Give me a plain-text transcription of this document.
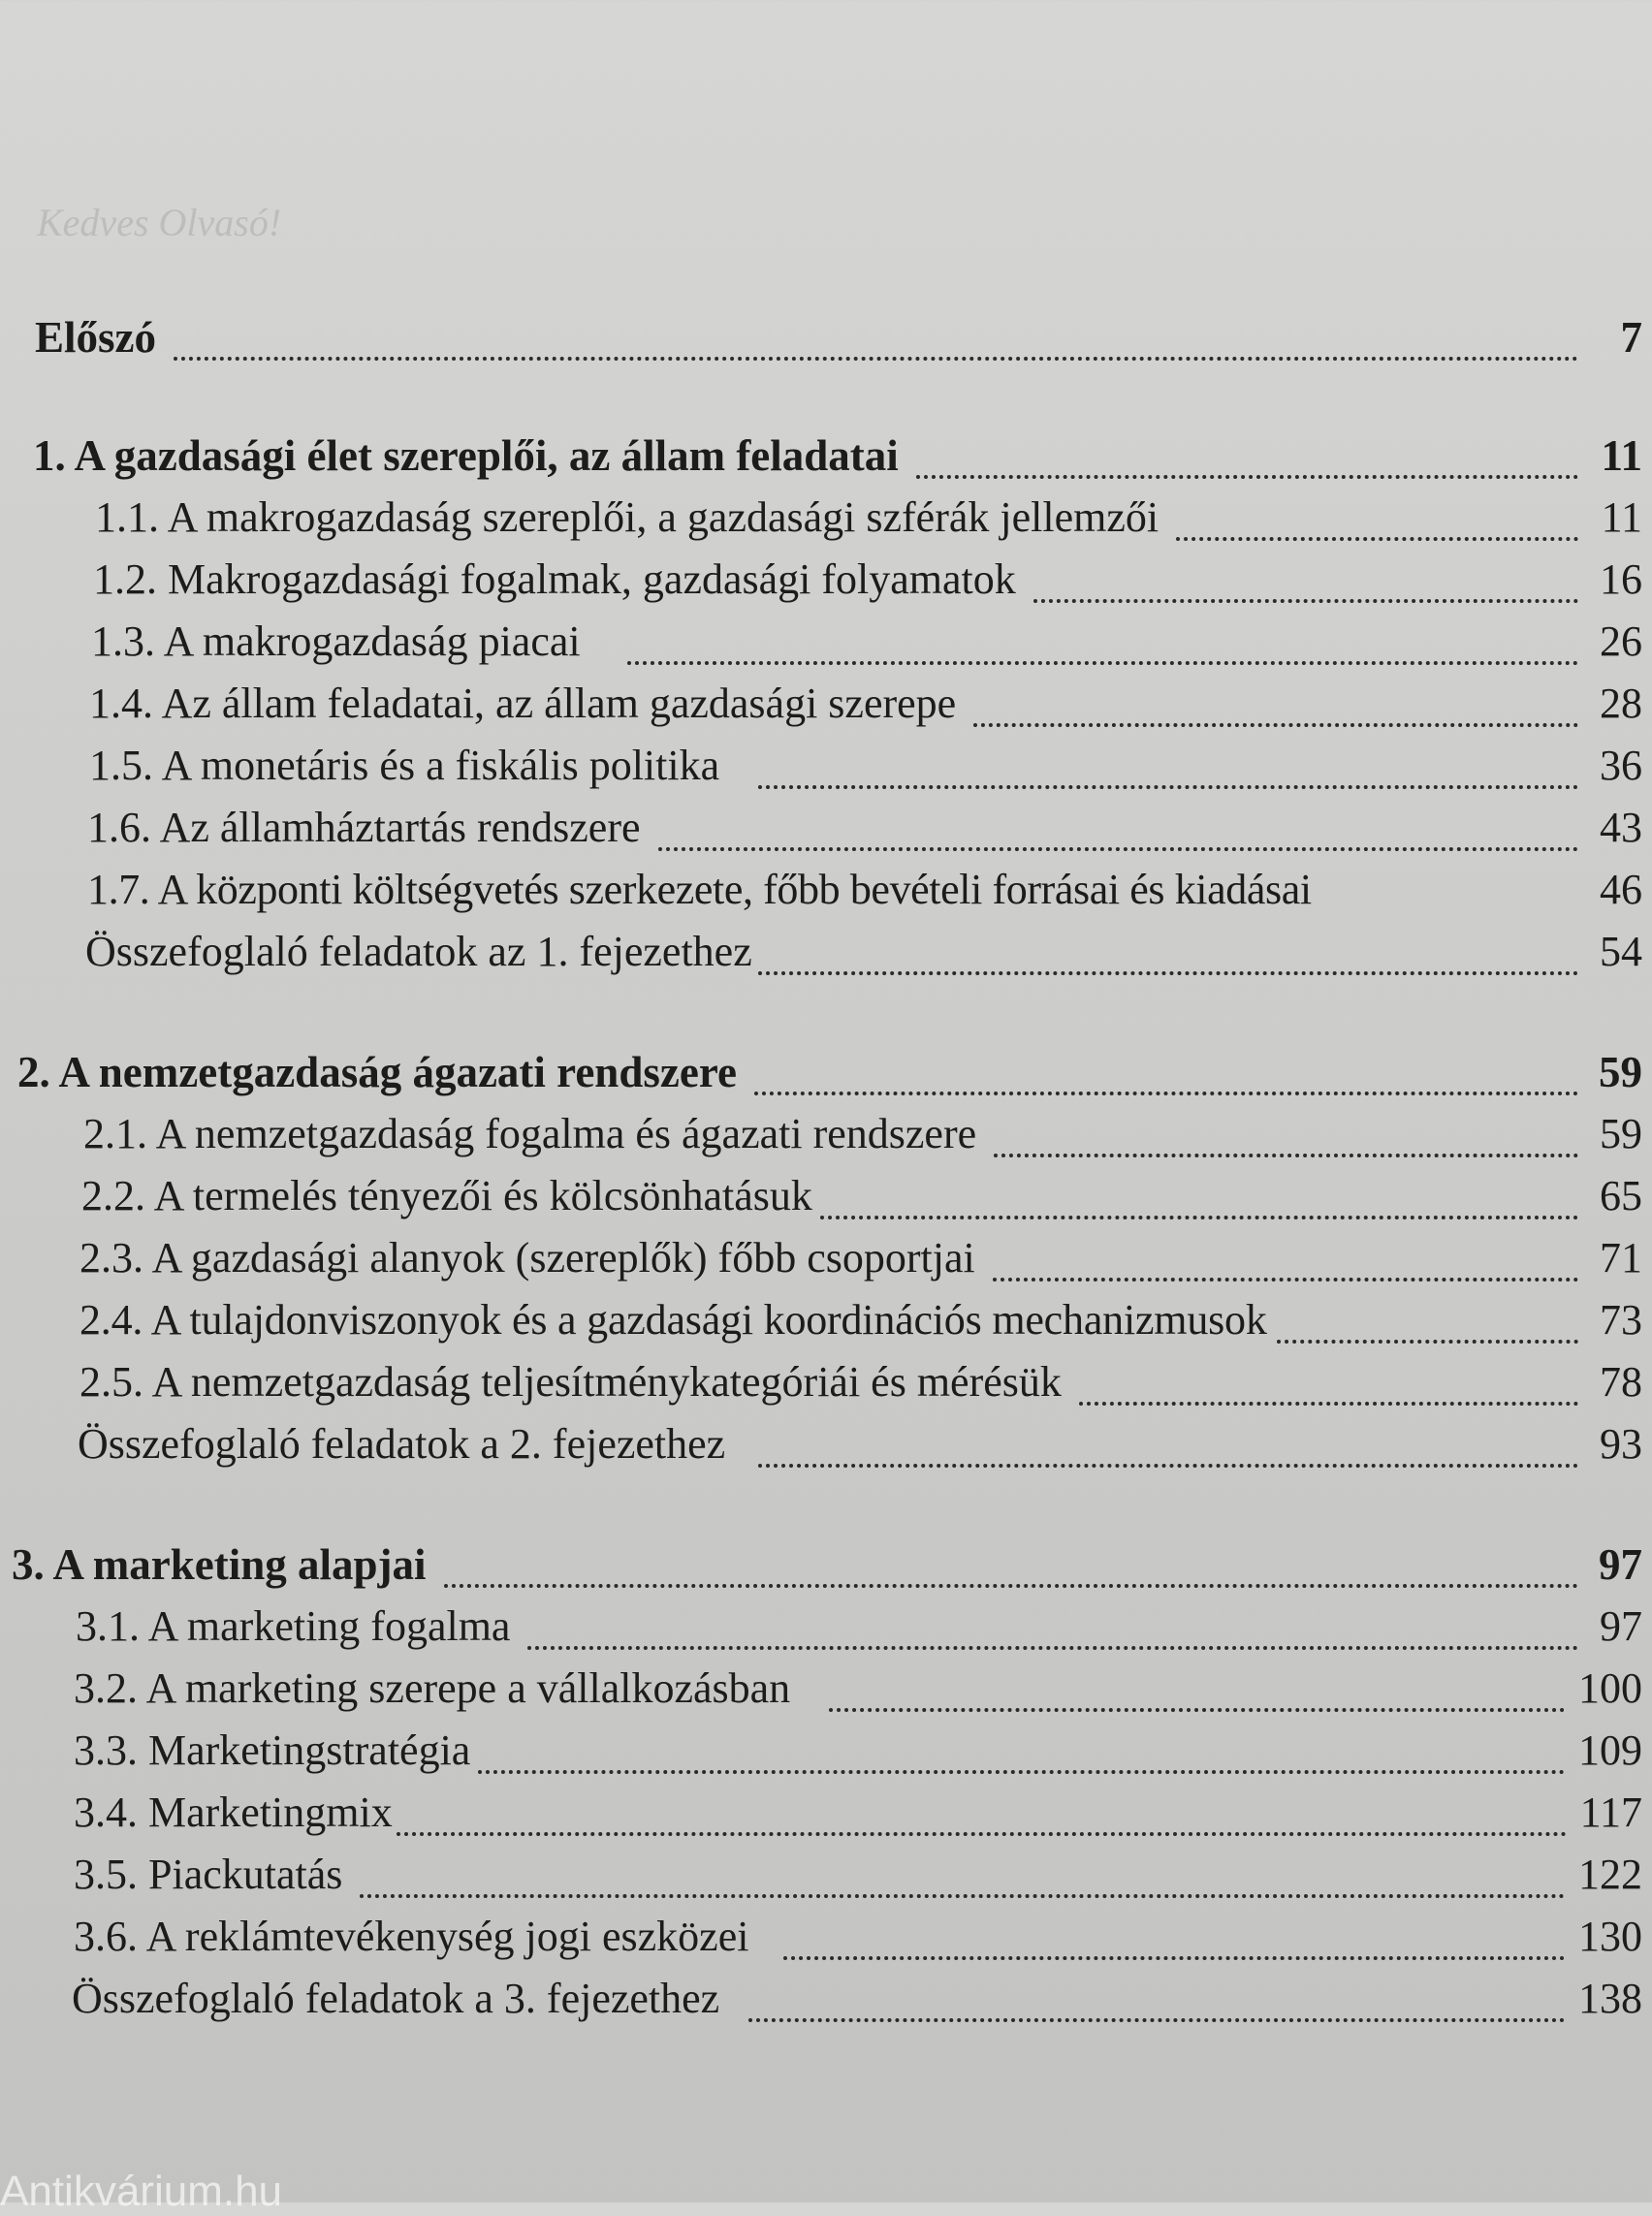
Kedves Olvasó!
Előszó	7
1. A gazdasági élet szereplői, az állam feladatai	11
1.1. A makrogazdaság szereplői, a gazdasági szférák jellemzői	11
1.2. Makrogazdasági fogalmak, gazdasági folyamatok	16
1.3. A makrogazdaság piacai	26
1.4. Az állam feladatai, az állam gazdasági szerepe	28
1.5. A monetáris és a fiskális politika	36
1.6. Az államháztartás rendszere	43
1.7. A központi költségvetés szerkezete, főbb bevételi forrásai és kiadásai	46
Összefoglaló feladatok az 1. fejezethez	54
2. A nemzetgazdaság ágazati rendszere	59
2.1. A nemzetgazdaság fogalma és ágazati rendszere	59
2.2. A termelés tényezői és kölcsönhatásuk	65
2.3. A gazdasági alanyok (szereplők) főbb csoportjai	71
2.4. A tulajdonviszonyok és a gazdasági koordinációs mechanizmusok	73
2.5. A nemzetgazdaság teljesítménykategóriái és mérésük	78
Összefoglaló feladatok a 2. fejezethez	93
3. A marketing alapjai	97
3.1. A marketing fogalma	97
3.2. A marketing szerepe a vállalkozásban	100
3.3. Marketingstratégia	109
3.4. Marketingmix	117
3.5. Piackutatás	122
3.6. A reklámtevékenység jogi eszközei	130
Összefoglaló feladatok a 3. fejezethez	138
Antikvárium.hu
